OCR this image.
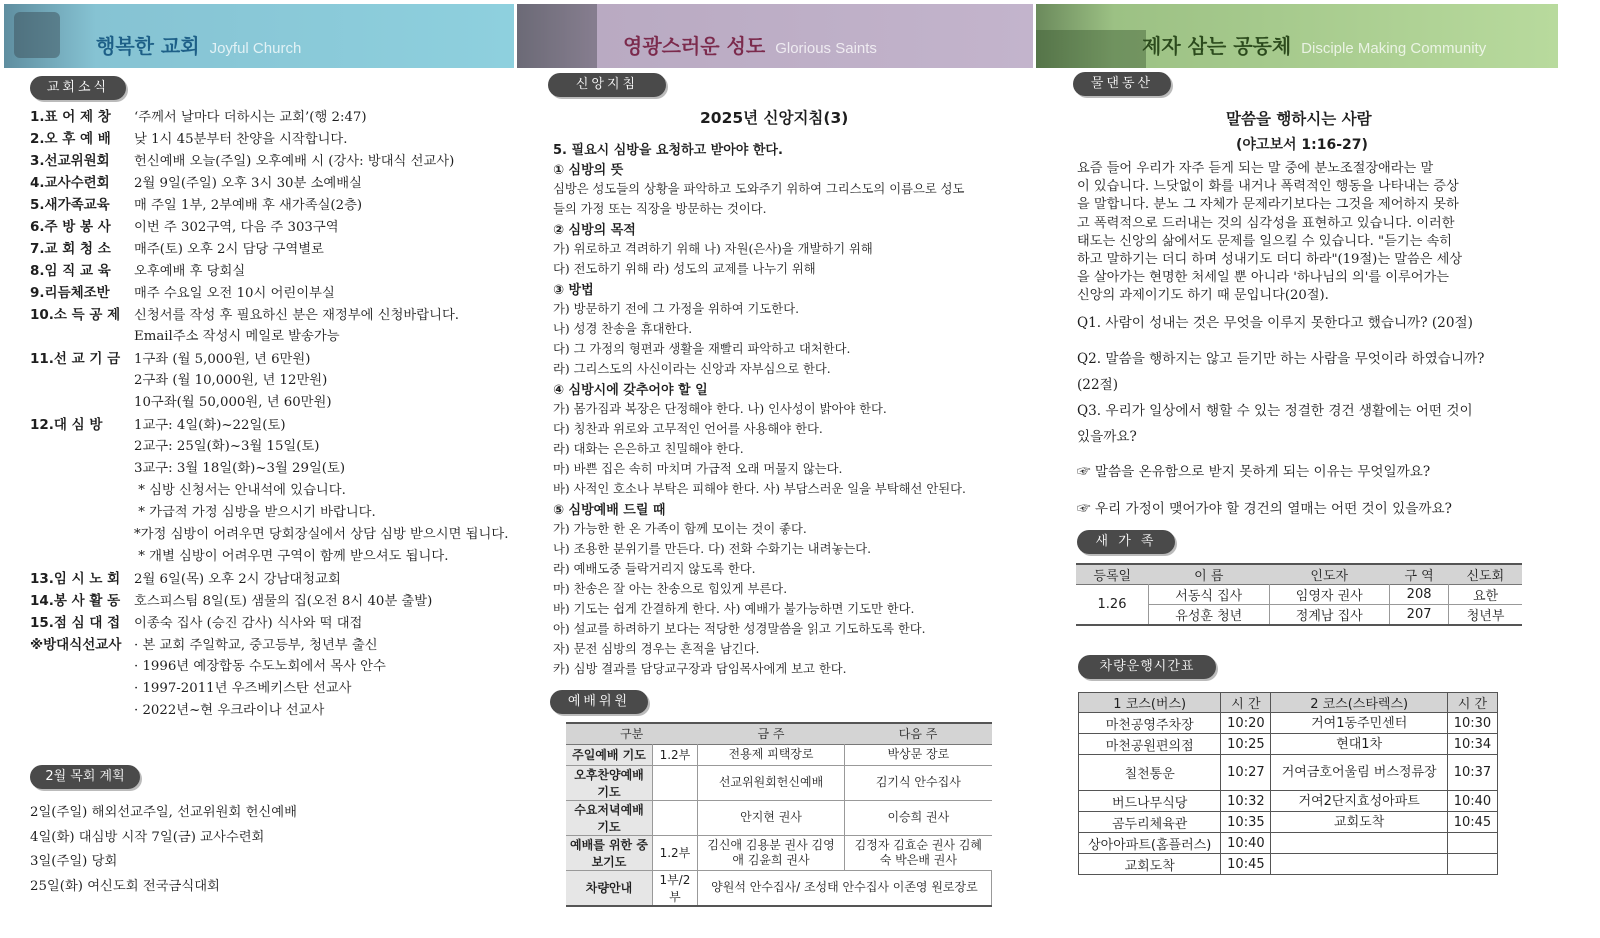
행복한 교회 Joyful Church	영광스러운 성도 Glorious Saints	제자 삼는 공동체 Disciple Making Community
교회소식
1.표 어 제 창 ‘주께서 날마다 더하시는 교회’(행 2:47)
2.오 후 예 배 낮 1시 45분부터 찬양을 시작합니다.
3.선교위원회 헌신예배 오늘(주일) 오후예배 시 (강사: 방대식 선교사)
4.교사수련회 2월 9일(주일) 오후 3시 30분 소예배실
5.새가족교육 매 주일 1부, 2부예배 후 새가족실(2층)
6.주 방 봉 사 이번 주 302구역, 다음 주 303구역
7.교 회 청 소 매주(토) 오후 2시 담당 구역별로
8.임 직 교 육 오후예배 후 당회실
9.리듬체조반 매주 수요일 오전 10시 어린이부실
10.소 득 공 제 신청서를 작성 후 필요하신 분은 재정부에 신청바랍니다.
Email주소 작성시 메일로 발송가능
11.선 교 기 금 1구좌 (월 5,000원, 년 6만원)
2구좌 (월 10,000원, 년 12만원)
10구좌(월 50,000원, 년 60만원)
12.대 심 방 1교구: 4일(화)~22일(토)
2교구: 25일(화)~3월 15일(토)
3교구: 3월 18일(화)~3월 29일(토)
* 심방 신청서는 안내석에 있습니다.
* 가급적 가정 심방을 받으시기 바랍니다.
*가정 심방이 어려우면 당회장실에서 상담 심방 받으시면 됩니다.
* 개별 심방이 어려우면 구역이 함께 받으셔도 됩니다.
13.임 시 노 회 2월 6일(목) 오후 2시 강남대청교회
14.봉 사 활 동 호스피스팀 8일(토) 샘물의 집(오전 8시 40분 출발)
15.점 심 대 접 이종숙 집사 (승진 감사) 식사와 떡 대접
※방대식선교사 · 본 교회 주일학교, 중고등부, 청년부 출신
· 1996년 예장합동 수도노회에서 목사 안수
· 1997-2011년 우즈베키스탄 선교사
· 2022년~현 우크라이나 선교사
2월 목회 계획
2일(주일) 해외선교주일, 선교위원회 헌신예배
4일(화) 대심방 시작 7일(금) 교사수련회
3일(주일) 당회
25일(화) 여신도회 전국금식대회
신앙지침
2025년 신앙지침(3)
5. 필요시 심방을 요청하고 받아야 한다.
① 심방의 뜻
심방은 성도들의 상황을 파악하고 도와주기 위하여 그리스도의 이름으로 성도
들의 가정 또는 직장을 방문하는 것이다.
② 심방의 목적
가) 위로하고 격려하기 위해 나) 자원(은사)을 개발하기 위해
다) 전도하기 위해 라) 성도의 교제를 나누기 위해
③ 방법
가) 방문하기 전에 그 가정을 위하여 기도한다.
나) 성경 찬송을 휴대한다.
다) 그 가정의 형편과 생활을 재빨리 파악하고 대처한다.
라) 그리스도의 사신이라는 신앙과 자부심으로 한다.
④ 심방시에 갖추어야 할 일
가) 몸가짐과 복장은 단정해야 한다. 나) 인사성이 밝아야 한다.
다) 칭찬과 위로와 고무적인 언어를 사용해야 한다.
라) 대화는 은은하고 친밀해야 한다.
마) 바쁜 집은 속히 마치며 가급적 오래 머물지 않는다.
바) 사적인 호소나 부탁은 피해야 한다. 사) 부담스러운 일을 부탁해선 안된다.
⑤ 심방예배 드릴 때
가) 가능한 한 온 가족이 함께 모이는 것이 좋다.
나) 조용한 분위기를 만든다. 다) 전화 수화기는 내려놓는다.
라) 예배도중 들락거리지 않도록 한다.
마) 찬송은 잘 아는 찬송으로 힘있게 부른다.
바) 기도는 쉽게 간결하게 한다. 사) 예배가 불가능하면 기도만 한다.
아) 설교를 하려하기 보다는 적당한 성경말씀을 읽고 기도하도록 한다.
자) 문전 심방의 경우는 흔적을 남긴다.
카) 심방 결과를 담당교구장과 담임목사에게 보고 한다.
예배위원
구분		금 주	다음 주
주일예배 기도	1.2부	전용제 피택장로	박상문 장로
오후찬양예배 기도		선교위원회헌신예배	김기식 안수집사
수요저녁예배 기도		안지현 권사	이승희 권사
예배를 위한 중보기도	1.2부	김신애 김용분 권사 김영애 김윤희 권사	김정자 김효순 권사 김혜숙 박은배 권사
차량안내	1부/2부	양원석 안수집사/ 조성태 안수집사 이존영 원로장로	
물댄동산
말씀을 행하시는 사람
(야고보서 1:16-27)
요즘 들어 우리가 자주 듣게 되는 말 중에 분노조절장애라는 말
이 있습니다. 느닷없이 화를 내거나 폭력적인 행동을 나타내는 증상
을 말합니다. 분노 그 자체가 문제라기보다는 그것을 제어하지 못하
고 폭력적으로 드러내는 것의 심각성을 표현하고 있습니다. 이러한
태도는 신앙의 삶에서도 문제를 일으킬 수 있습니다. "듣기는 속히
하고 말하기는 더디 하며 성내기도 더디 하라"(19절)는 말씀은 세상
을 살아가는 현명한 처세일 뿐 아니라 '하나님의 의'를 이루어가는
신앙의 과제이기도 하기 때 문입니다(20절).
Q1. 사람이 성내는 것은 무엇을 이루지 못한다고 했습니까? (20절)
Q2. 말씀을 행하지는 않고 듣기만 하는 사람을 무엇이라 하였습니까?
(22절)
Q3. 우리가 일상에서 행할 수 있는 정결한 경건 생활에는 어떤 것이
있을까요?
☞ 말씀을 온유함으로 받지 못하게 되는 이유는 무엇일까요?
☞ 우리 가정이 맺어가야 할 경건의 열매는 어떤 것이 있을까요?
새 가 족
등록일	이 름	인도자	구 역	신도회
1.26	서동식 집사	임영자 권사	208	요한
	유성훈 청년	정계남 집사	207	청년부
차량운행시간표
1 코스(버스)	시 간	2 코스(스타렉스)	시 간
마천공영주차장	10:20	거여1동주민센터	10:30
마천공원편의점	10:25	현대1차	10:34
칠천통운	10:27	거여금호어울림 버스정류장	10:37
버드나무식당	10:32	거여2단지효성아파트	10:40
곰두리체육관	10:35	교회도착	10:45
상아아파트(홈플러스)	10:40		
교회도착	10:45		
